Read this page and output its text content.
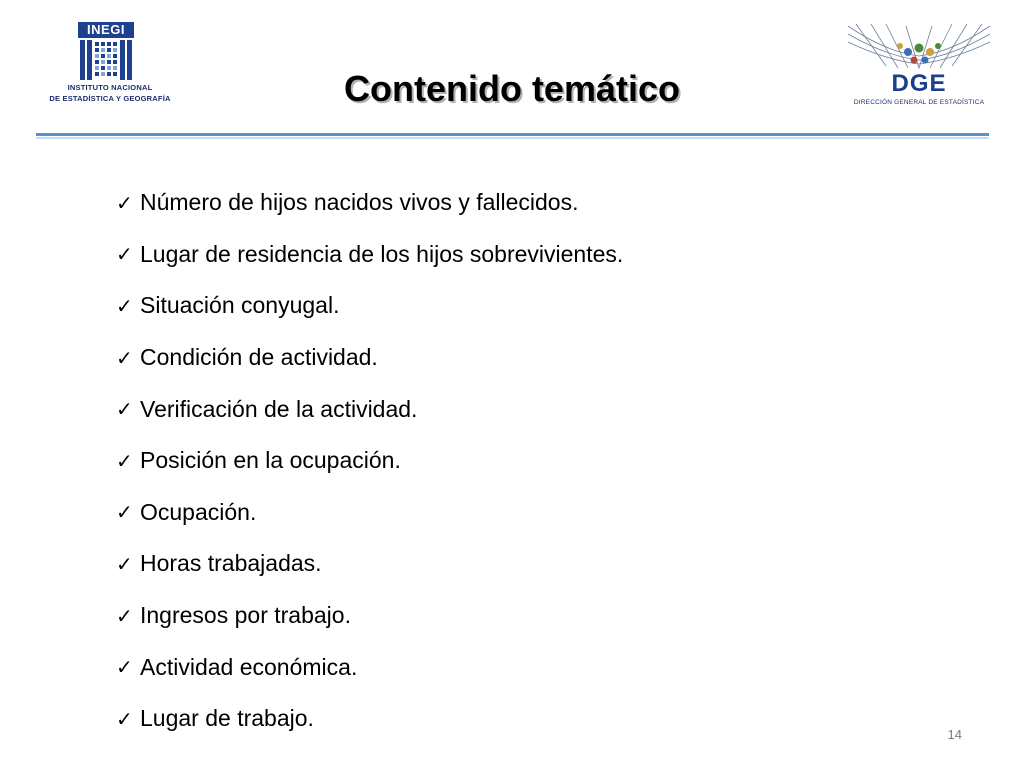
INEGI
INSTITUTO NACIONAL
DE ESTADÍSTICA Y GEOGRAFÍA	Contenido temático	DGE
DIRECCIÓN GENERAL DE ESTADÍSTICA
✓ Número de hijos nacidos vivos y fallecidos.
✓ Lugar de residencia de los hijos sobrevivientes.
✓ Situación conyugal.
✓ Condición de actividad.
✓ Verificación de la actividad.
✓ Posición en la ocupación.
✓ Ocupación.
✓ Horas trabajadas.
✓ Ingresos por trabajo.
✓ Actividad económica.
✓ Lugar de trabajo.
14
